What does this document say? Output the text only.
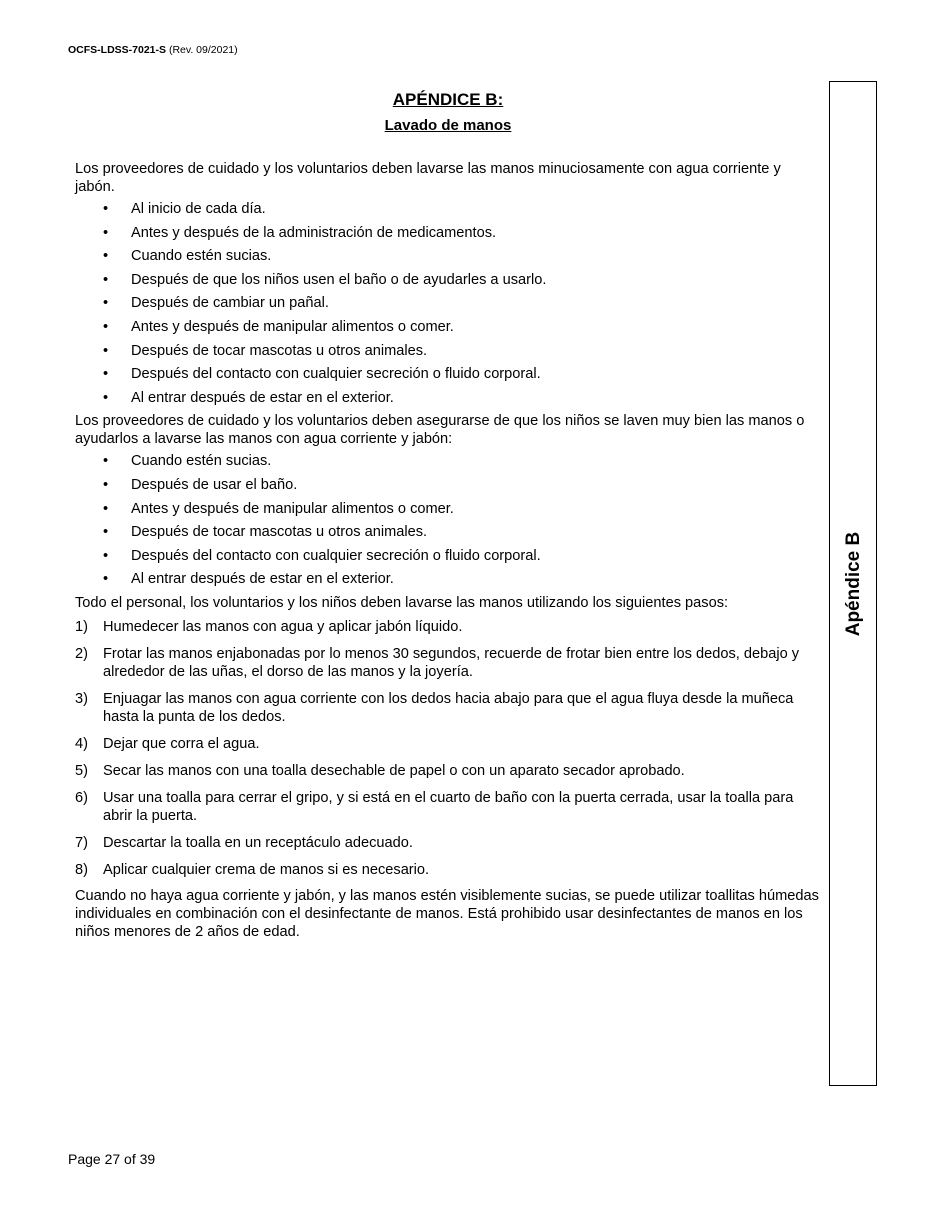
OCFS-LDSS-7021-S (Rev. 09/2021)
Apéndice B
APÉNDICE B:
Lavado de manos

Los proveedores de cuidado y los voluntarios deben lavarse las manos minuciosamente con agua corriente y jabón.

• Al inicio de cada día.
• Antes y después de la administración de medicamentos.
• Cuando estén sucias.
• Después de que los niños usen el baño o de ayudarles a usarlo.
• Después de cambiar un pañal.
• Antes y después de manipular alimentos o comer.
• Después de tocar mascotas u otros animales.
• Después del contacto con cualquier secreción o fluido corporal.
• Al entrar después de estar en el exterior.

Los proveedores de cuidado y los voluntarios deben asegurarse de que los niños se laven muy bien las manos o ayudarlos a lavarse las manos con agua corriente y jabón:

• Cuando estén sucias.
• Después de usar el baño.
• Antes y después de manipular alimentos o comer.
• Después de tocar mascotas u otros animales.
• Después del contacto con cualquier secreción o fluido corporal.
• Al entrar después de estar en el exterior.

Todo el personal, los voluntarios y los niños deben lavarse las manos utilizando los siguientes pasos:

1) Humedecer las manos con agua y aplicar jabón líquido.
2) Frotar las manos enjabonadas por lo menos 30 segundos, recuerde de frotar bien entre los dedos, debajo y alrededor de las uñas, el dorso de las manos y la joyería.
3) Enjuagar las manos con agua corriente con los dedos hacia abajo para que el agua fluya desde la muñeca hasta la punta de los dedos.
4) Dejar que corra el agua.
5) Secar las manos con una toalla desechable de papel o con un aparato secador aprobado.
6) Usar una toalla para cerrar el gripo, y si está en el cuarto de baño con la puerta cerrada, usar la toalla para abrir la puerta.
7) Descartar la toalla en un receptáculo adecuado.
8) Aplicar cualquier crema de manos si es necesario.

Cuando no haya agua corriente y jabón, y las manos estén visiblemente sucias, se puede utilizar toallitas húmedas individuales en combinación con el desinfectante de manos. Está prohibido usar desinfectantes de manos en los niños menores de 2 años de edad.

Page 27 of 39
